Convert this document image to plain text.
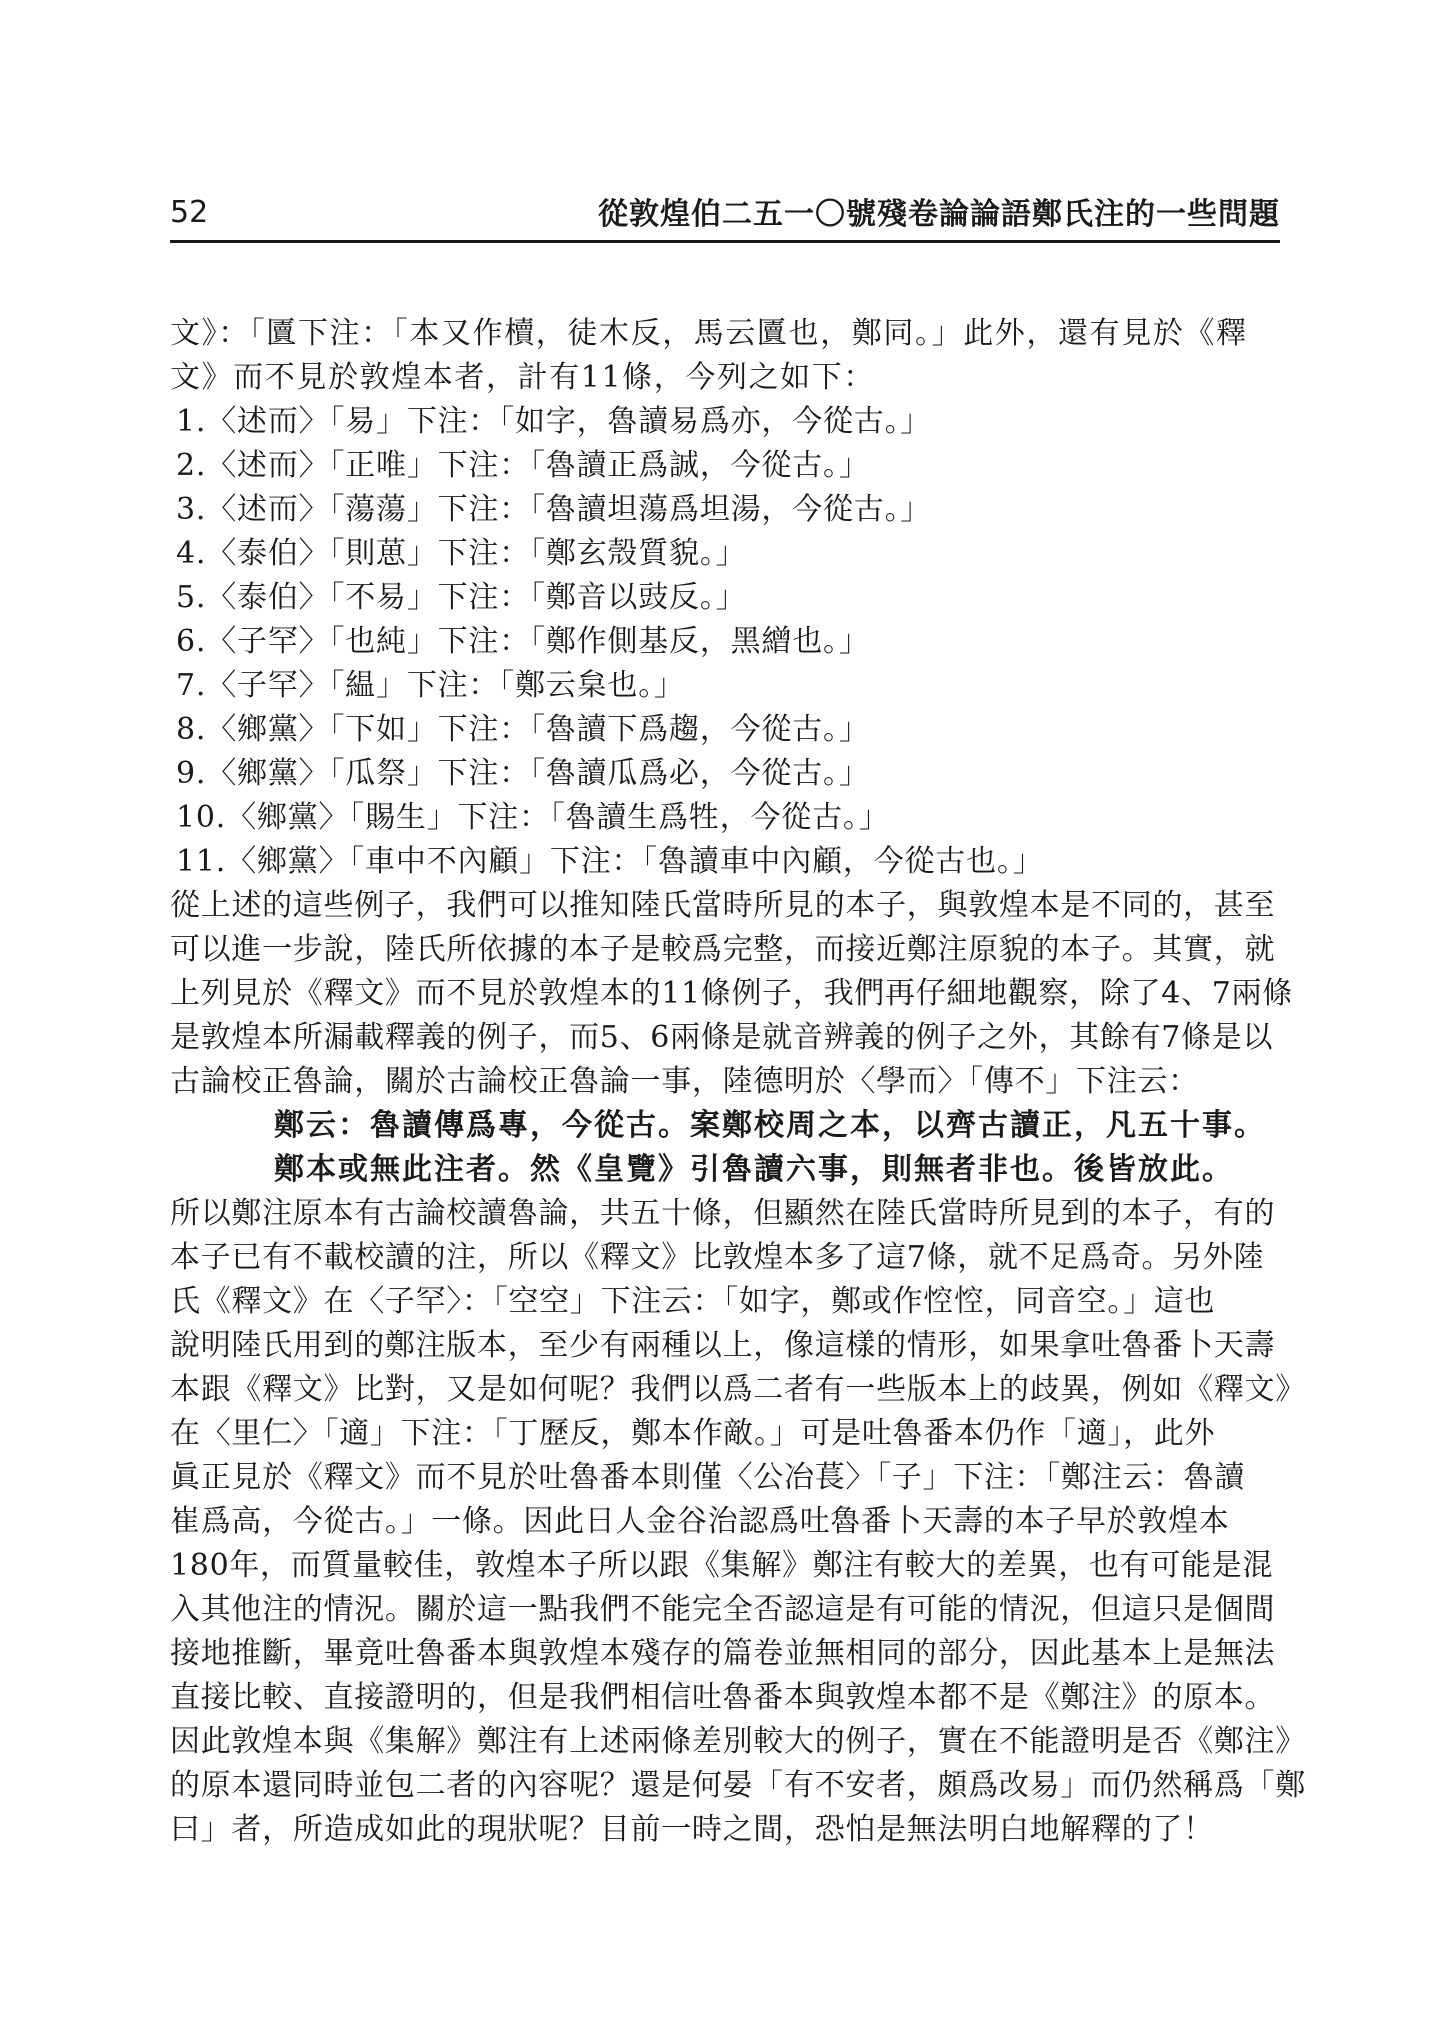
52	從敦煌伯二五一〇號殘卷論論語鄭氏注的一些問題
文》：「匵下注：「本又作櫝，徒木反，馬云匵也，鄭同。」此外，還有見於《釋
文》而不見於敦煌本者，計有11條，今列之如下：
1.〈述而〉「易」下注：「如字，魯讀易爲亦，今從古。」
2.〈述而〉「正唯」下注：「魯讀正爲誠，今從古。」
3.〈述而〉「蕩蕩」下注：「魯讀坦蕩爲坦湯，今從古。」
4.〈泰伯〉「則葸」下注：「鄭玄殼質貌。」
5.〈泰伯〉「不易」下注：「鄭音以豉反。」
6.〈子罕〉「也純」下注：「鄭作側基反，黑繒也。」
7.〈子罕〉「緼」下注：「鄭云枲也。」
8.〈鄉黨〉「下如」下注：「魯讀下爲趨，今從古。」
9.〈鄉黨〉「瓜祭」下注：「魯讀瓜爲必，今從古。」
10.〈鄉黨〉「賜生」下注：「魯讀生爲牲，今從古。」
11.〈鄉黨〉「車中不內顧」下注：「魯讀車中內顧，今從古也。」
從上述的這些例子，我們可以推知陸氏當時所見的本子，與敦煌本是不同的，甚至
可以進一步說，陸氏所依據的本子是較爲完整，而接近鄭注原貌的本子。其實，就
上列見於《釋文》而不見於敦煌本的11條例子，我們再仔細地觀察，除了4、7兩條
是敦煌本所漏載釋義的例子，而5、6兩條是就音辨義的例子之外，其餘有7條是以
古論校正魯論，關於古論校正魯論一事，陸德明於〈學而〉「傳不」下注云：
鄭云：魯讀傳爲專，今從古。案鄭校周之本，以齊古讀正，凡五十事。
鄭本或無此注者。然《皇覽》引魯讀六事，則無者非也。後皆放此。
所以鄭注原本有古論校讀魯論，共五十條，但顯然在陸氏當時所見到的本子，有的
本子已有不載校讀的注，所以《釋文》比敦煌本多了這7條，就不足爲奇。另外陸
氏《釋文》在〈子罕〉：「空空」下注云：「如字，鄭或作悾悾，同音空。」這也
說明陸氏用到的鄭注版本，至少有兩種以上，像這樣的情形，如果拿吐魯番卜天壽
本跟《釋文》比對，又是如何呢？我們以爲二者有一些版本上的歧異，例如《釋文》
在〈里仁〉「適」下注：「丁歷反，鄭本作敵。」可是吐魯番本仍作「適」，此外
眞正見於《釋文》而不見於吐魯番本則僅〈公冶萇〉「子」下注：「鄭注云：魯讀
崔爲高，今從古。」一條。因此日人金谷治認爲吐魯番卜天壽的本子早於敦煌本
180年，而質量較佳，敦煌本子所以跟《集解》鄭注有較大的差異，也有可能是混
入其他注的情況。關於這一點我們不能完全否認這是有可能的情況，但這只是個間
接地推斷，畢竟吐魯番本與敦煌本殘存的篇卷並無相同的部分，因此基本上是無法
直接比較、直接證明的，但是我們相信吐魯番本與敦煌本都不是《鄭注》的原本。
因此敦煌本與《集解》鄭注有上述兩條差別較大的例子，實在不能證明是否《鄭注》
的原本還同時並包二者的內容呢？還是何晏「有不安者，頗爲改易」而仍然稱爲「鄭
曰」者，所造成如此的現狀呢？目前一時之間，恐怕是無法明白地解釋的了！
